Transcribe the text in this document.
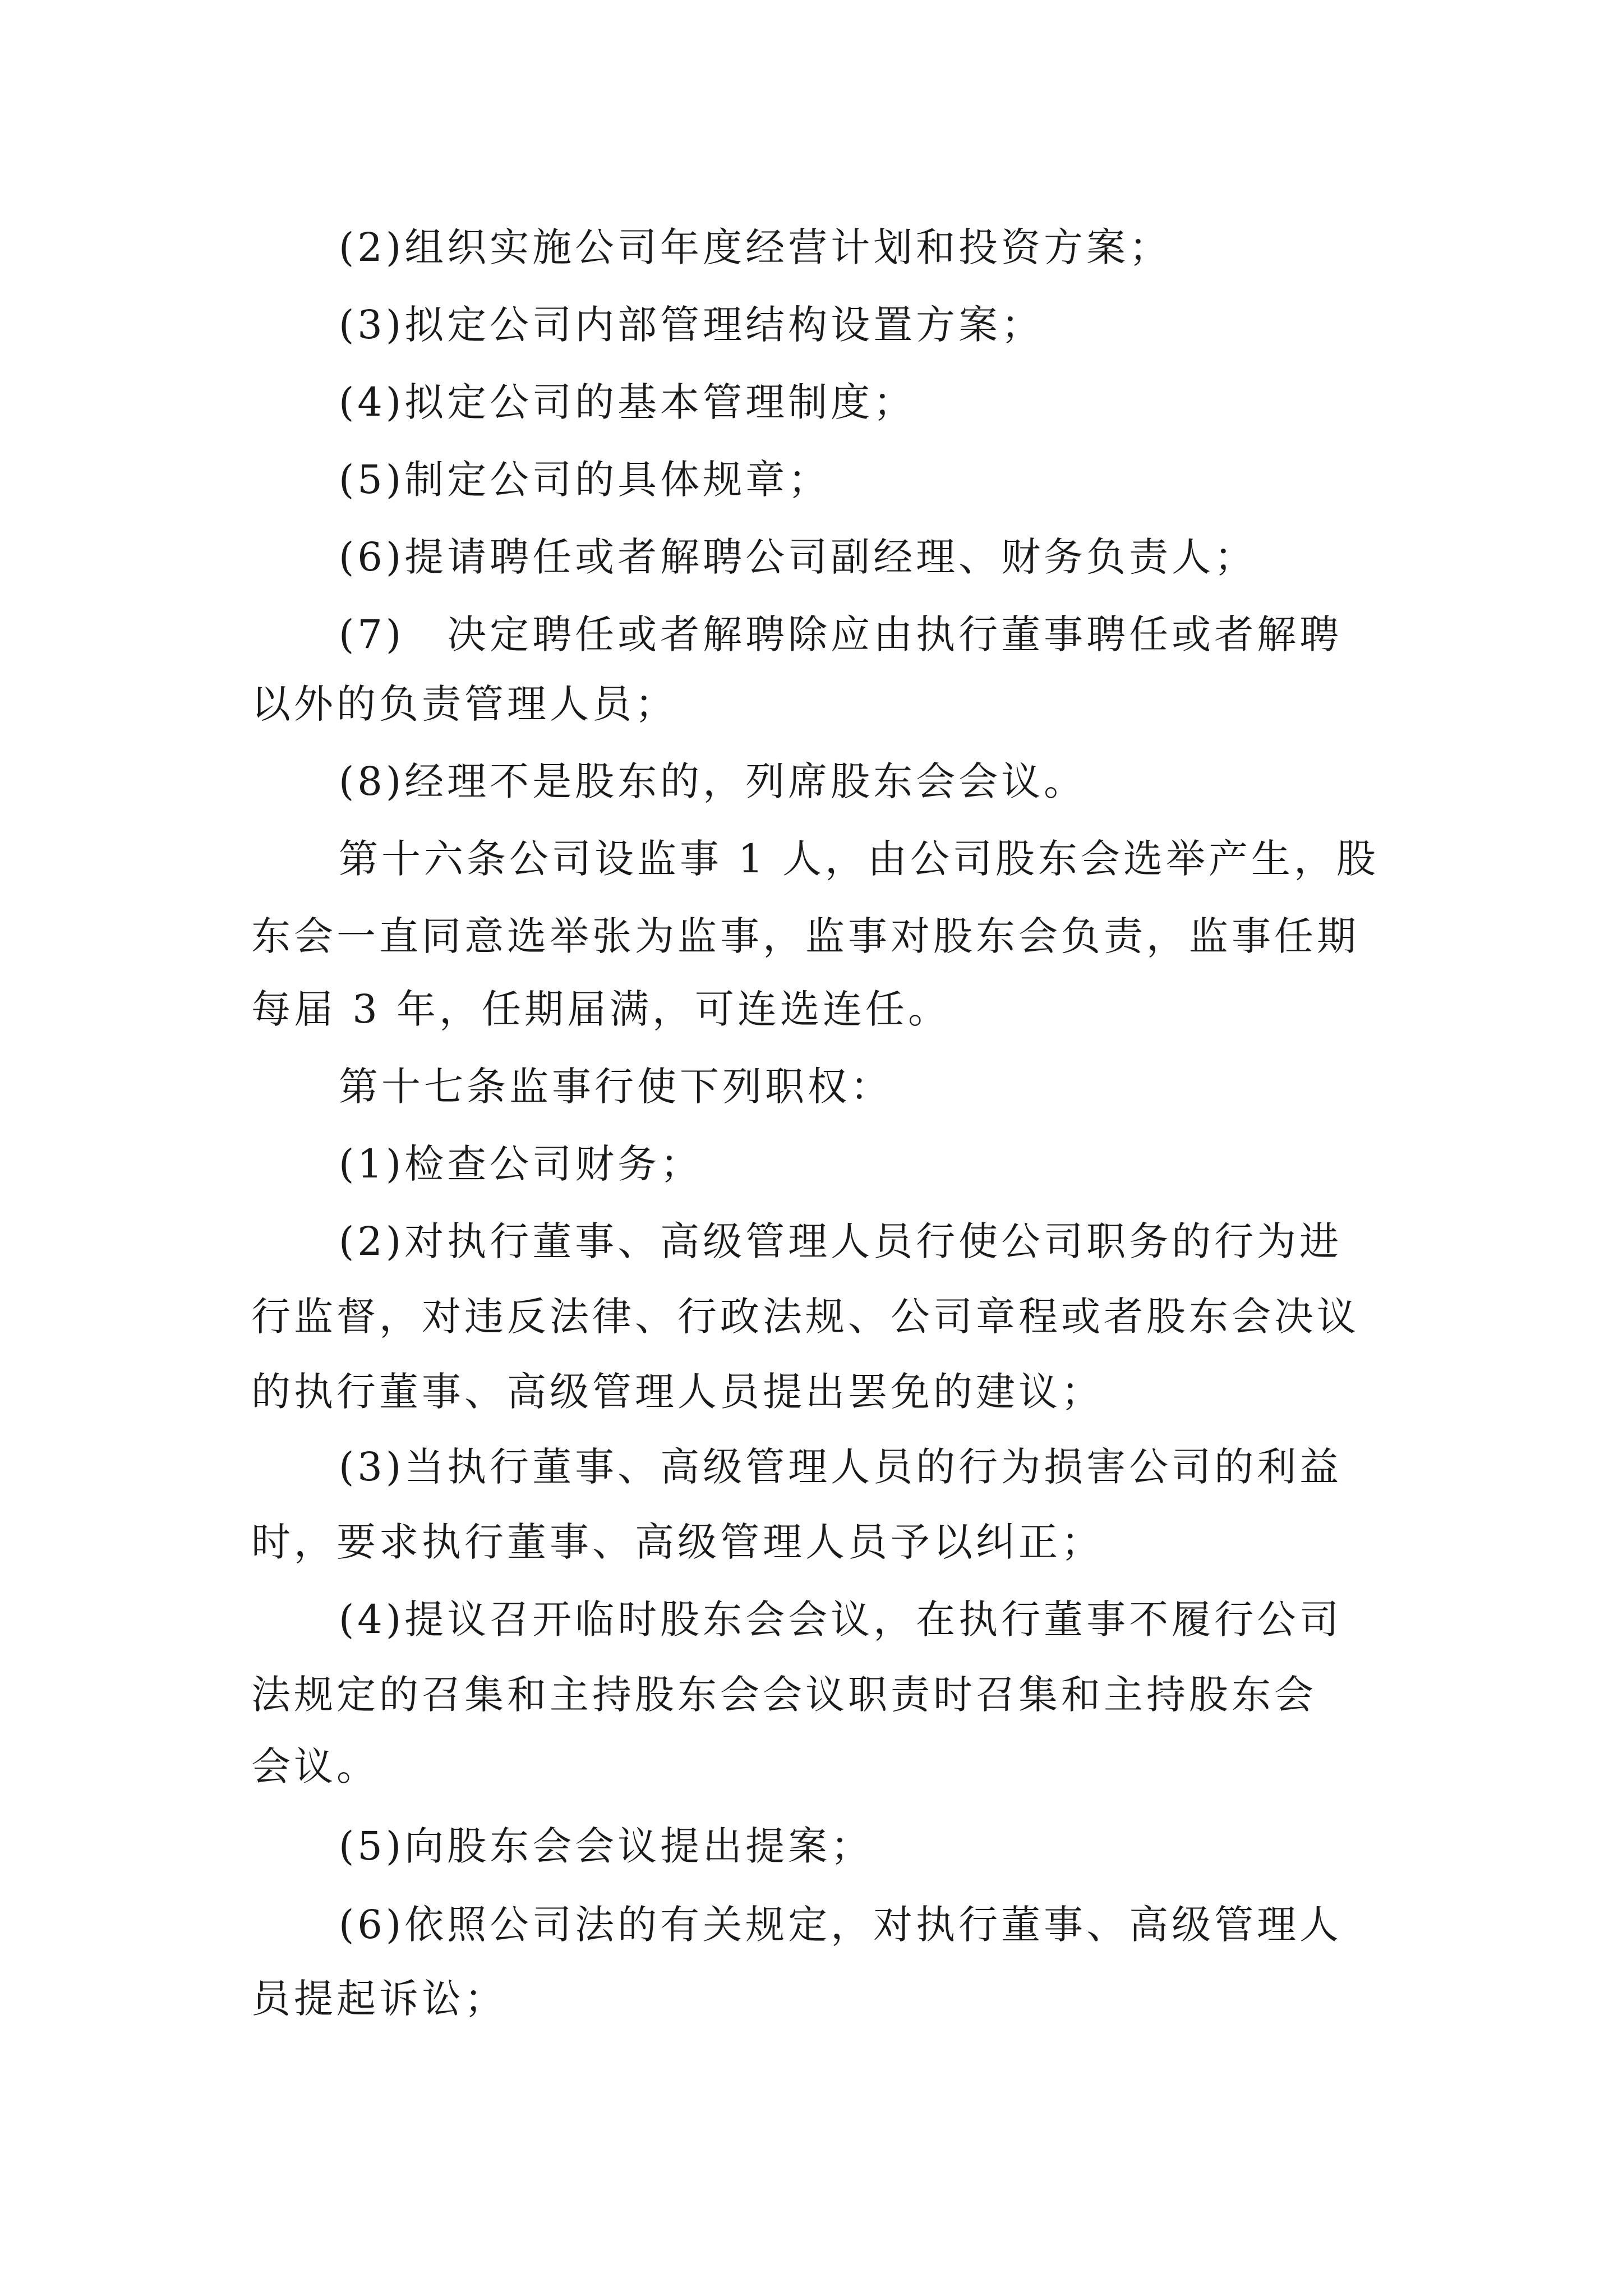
(2)组织实施公司年度经营计划和投资方案；
(3)拟定公司内部管理结构设置方案；
(4)拟定公司的基本管理制度；
(5)制定公司的具体规章；
(6)提请聘任或者解聘公司副经理、财务负责人；
(7)　决定聘任或者解聘除应由执行董事聘任或者解聘
以外的负责管理人员；
(8)经理不是股东的，列席股东会会议。
第十六条公司设监事 1 人，由公司股东会选举产生，股
东会一直同意选举张为监事，监事对股东会负责，监事任期
每届 3 年，任期届满，可连选连任。
第十七条监事行使下列职权：
(1)检查公司财务；
(2)对执行董事、高级管理人员行使公司职务的行为进
行监督，对违反法律、行政法规、公司章程或者股东会决议
的执行董事、高级管理人员提出罢免的建议；
(3)当执行董事、高级管理人员的行为损害公司的利益
时，要求执行董事、高级管理人员予以纠正；
(4)提议召开临时股东会会议，在执行董事不履行公司
法规定的召集和主持股东会会议职责时召集和主持股东会
会议。
(5)向股东会会议提出提案；
(6)依照公司法的有关规定，对执行董事、高级管理人
员提起诉讼；
